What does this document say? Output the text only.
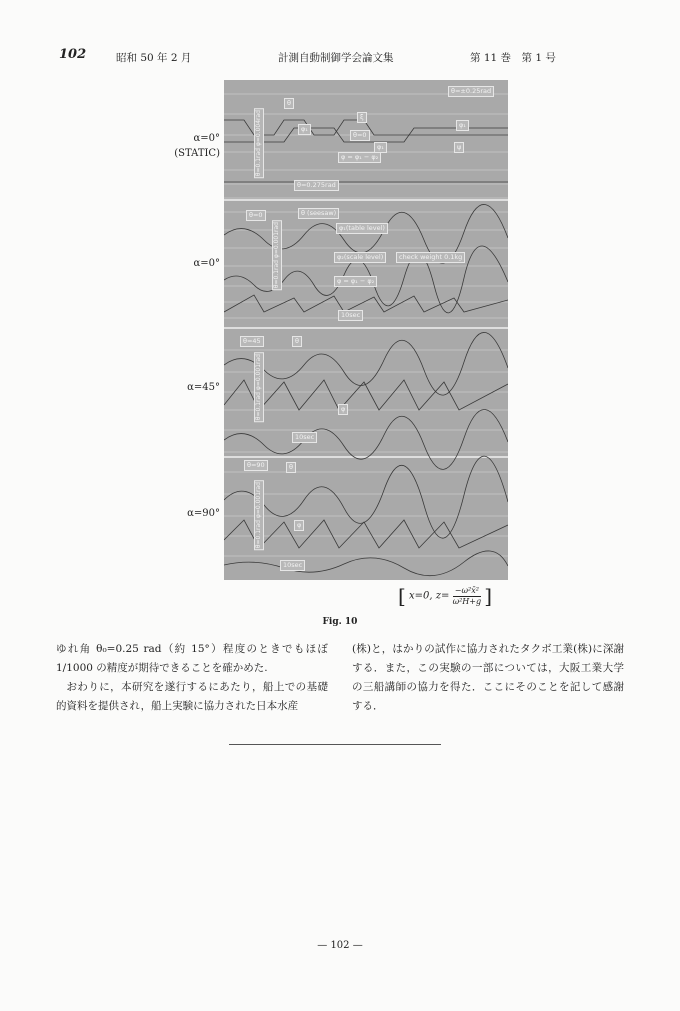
102	昭和 50 年 2 月	計測自動制御学会論文集	第 11 巻　第 1 号
α=0°
(STATIC)
α=0°
α=45°
α=90°
θ=±0.25rad
θ=0.1rad φ=0.004rad
θ
φ₁
ξ
φ₁
θ=0
φ₁	ψ
φ = φ₁ − φ₂
θ=0.275rad
θ (seesaw)
θ=0
φ₁(table level)
θ=0.1rad φ=0.001rad	φ₂(scale level)	check weight 0.1kg
φ = φ₁ − φ₂
10sec
θ=45
θ=0.1rad φ=0.001rad
θ
φ
10sec
θ=90
θ=0.1rad φ=0.001rad
θ
φ
10sec
[ x=0, $z= \frac{\text{−ω²x̄²}}{\text{ω²H+g}}$ ]
Fig. 10

ゆれ角 θ₀=0.25 rad（約 15°）程度のときでもほぼ 1/1000 の精度が期待できることを確かめた.

おわりに，本研究を遂行するにあたり，船上での基礎的資料を提供され，船上実験に協力された日本水産

(株)と，はかりの試作に協力されたタクボ工業(株)に深謝する．また，この実験の一部については，大阪工業大学の三船講師の協力を得た．ここにそのことを記して感謝する．

— 102 —
